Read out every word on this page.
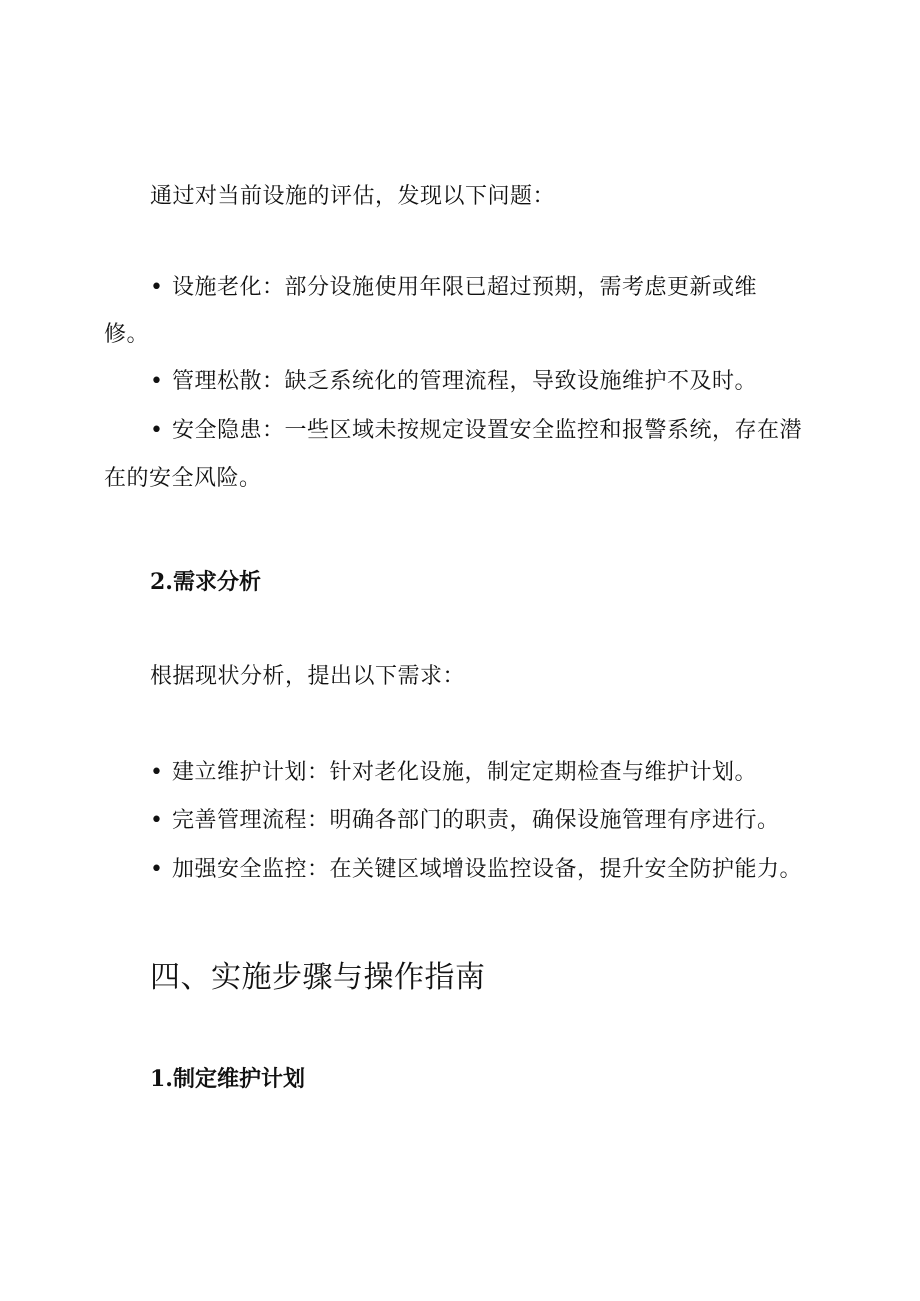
通过对当前设施的评估，发现以下问题：
• 设施老化：部分设施使用年限已超过预期，需考虑更新或维
修。
• 管理松散：缺乏系统化的管理流程，导致设施维护不及时。
• 安全隐患：一些区域未按规定设置安全监控和报警系统，存在潜
在的安全风险。
2.需求分析
根据现状分析，提出以下需求：
• 建立维护计划：针对老化设施，制定定期检查与维护计划。
• 完善管理流程：明确各部门的职责，确保设施管理有序进行。
• 加强安全监控：在关键区域增设监控设备，提升安全防护能力。
四、实施步骤与操作指南
1.制定维护计划
